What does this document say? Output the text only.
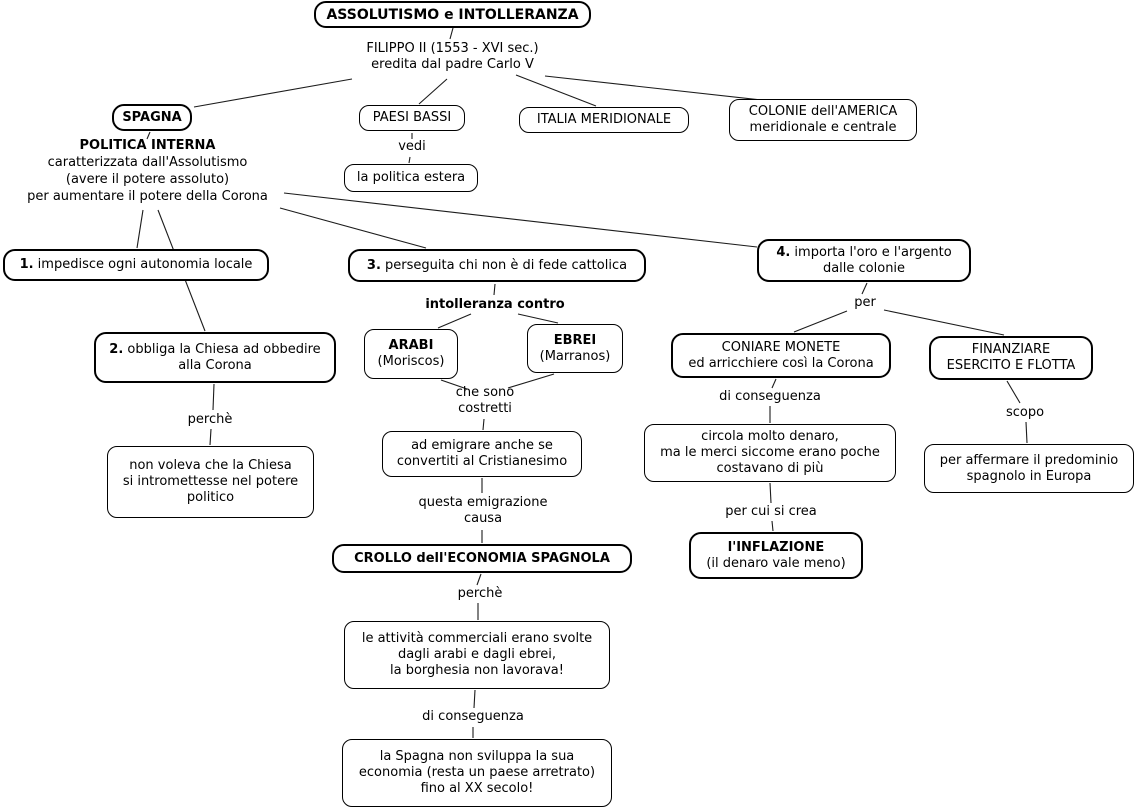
ASSOLUTISMO e INTOLLERANZA
FILIPPO II (1553 - XVI sec.)
eredita dal padre Carlo V
SPAGNA	PAESI BASSI	ITALIA MERIDIONALE
COLONIE dell'AMERICA
meridionale e centrale
POLITICA INTERNA
caratterizzata dall'Assolutismo
(avere il potere assoluto)
per aumentare il potere della Corona
vedi
la politica estera
1. impedisce ogni autonomia locale
2. obbliga la Chiesa ad obbedire
alla Corona
3. perseguita chi non è di fede cattolica
4. importa l'oro e l'argento
dalle colonie
perchè
non voleva che la Chiesa
si intromettesse nel potere
politico
intolleranza contro
ARABI
(Moriscos)
EBREI
(Marranos)
che sono
costretti
ad emigrare anche se
convertiti al Cristianesimo
questa emigrazione
causa
CROLLO dell'ECONOMIA SPAGNOLA
perchè
le attività commerciali erano svolte
dagli arabi e dagli ebrei,
la borghesia non lavorava!
di conseguenza
la Spagna non sviluppa la sua
economia (resta un paese arretrato)
fino al XX secolo!
per
CONIARE MONETE
ed arricchiere così la Corona
di conseguenza
circola molto denaro,
ma le merci siccome erano poche
costavano di più
per cui si crea
l'INFLAZIONE
(il denaro vale meno)
FINANZIARE
ESERCITO E FLOTTA
scopo
per affermare il predominio
spagnolo in Europa
